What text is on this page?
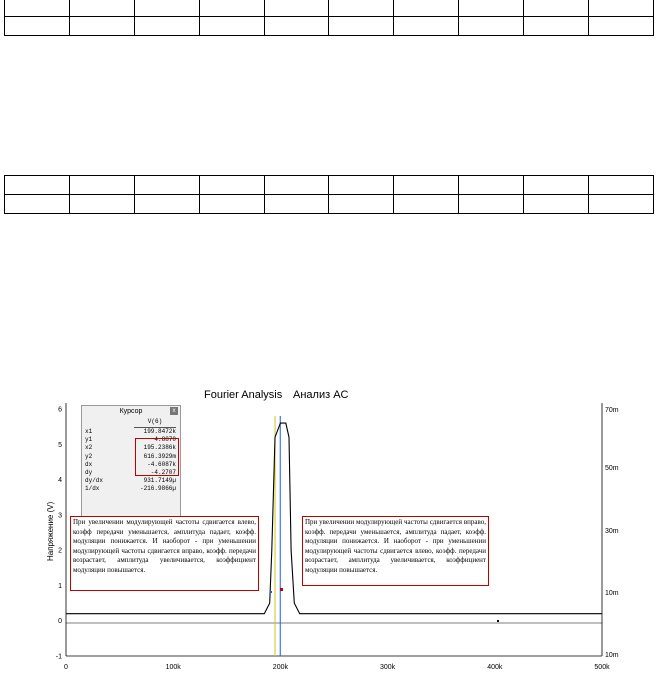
Fourier Analysis Анализ AC
Напряжение (V)
-1
0
1
2
3
4
5
6
0	100k	200k	300k	400k	500k
70m
50m
30m
10m
10m
Курсор	x
V(6)
x1	199.8472k
y1	4.8870
x2	195.2386k
y2	616.3929m
dx	-4.6087k
dy	-4.2707
dy/dx	931.7149µ
1/dx	-216.9866µ
При увеличении модулирующей частоты сдвигается влево, коэфф передачи уменьшается, амплитуда падает, коэфф. модуляции понижается. И наоборот - при уменьшении модулирующей частоты сдвигается вправо, коэфф. передачи возрастает, амплитуда увеличивается, коэффициент модуляции повышается.
При увеличении модулирующей частоты сдвигается вправо, коэфф. передачи уменьшается, амплитуда падает, коэфф. модуляции понижается. И наоборот - при уменьшении модулирующей частоты сдвигается влево, коэфф. передачи возрастает, амплитуда увеличивается, коэффициент модуляции повышается.
